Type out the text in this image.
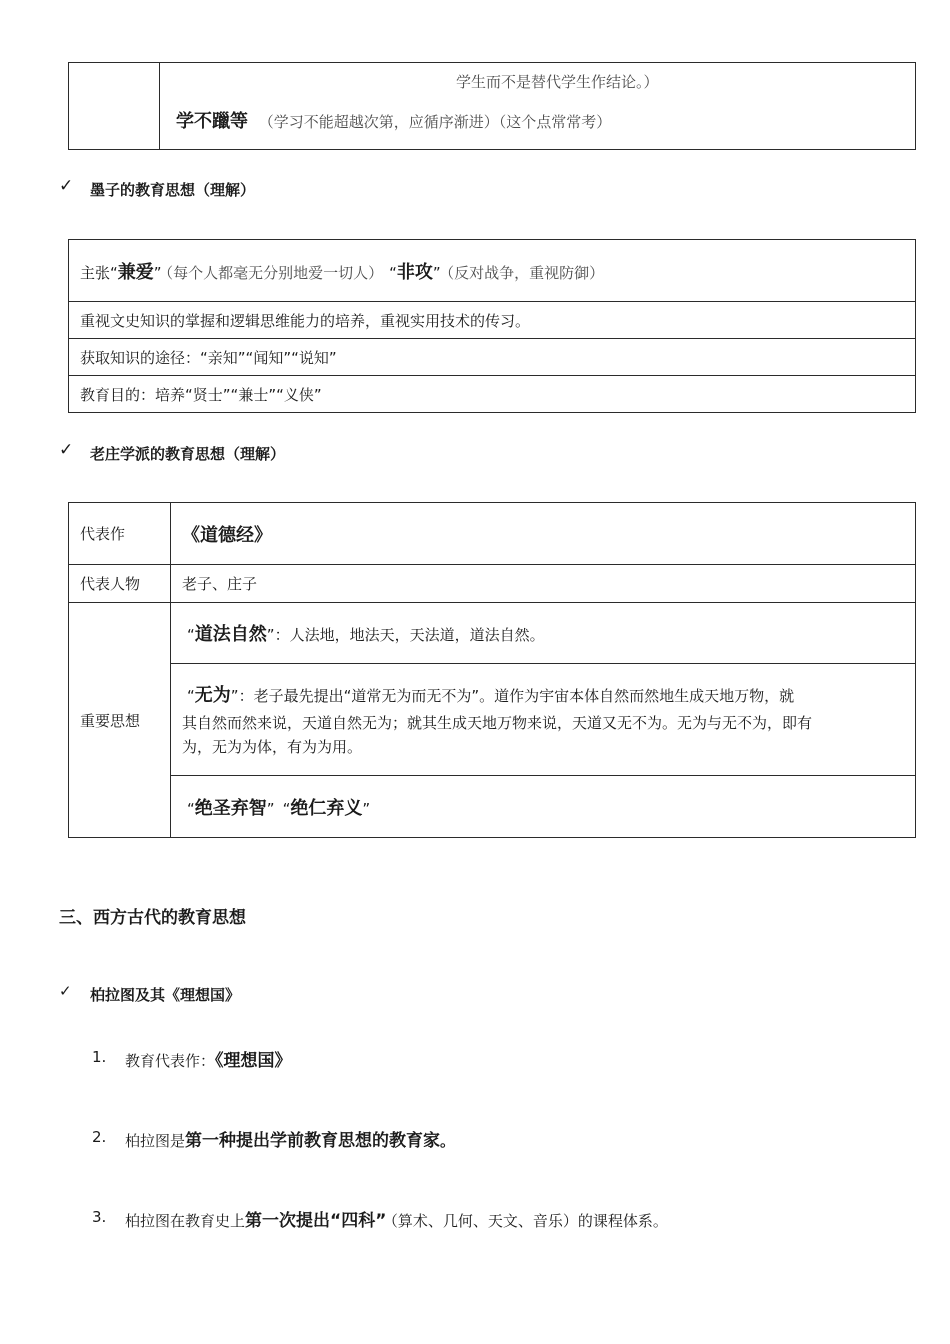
学生而不是替代学生作结论。）
学不躐等 （学习不能超越次第，应循序渐进）（这个点常常考）
✓ 墨子的教育思想（理解）
主张“兼爱” （每个人都毫无分别地爱一切人） “非攻” （反对战争，重视防御）
重视文史知识的掌握和逻辑思维能力的培养，重视实用技术的传习。
获取知识的途径：“亲知”“闻知”“说知”
教育目的：培养“贤士”“兼士”“义侠”
✓ 老庄学派的教育思想（理解）
代表作	《道德经》
代表人物	老子、庄子
重要思想	“道法自然”：人法地，地法天，天法道，道法自然。

	“无为”：老子最先提出“道常无为而无不为”。道作为宇宙本体自然而然地生成天地万物，就
其自然而然来说，天道自然无为；就其生成天地万物来说，天道又无不为。无为与无不为，即有
为，无为为体，有为为用。

	“绝圣弃智” “绝仁弃义”
三、西方古代的教育思想
✓ 柏拉图及其《理想国》
1. 教育代表作：《理想国》
2. 柏拉图是第一种提出学前教育思想的教育家。
3. 柏拉图在教育史上第一次提出“四科” （算术、几何、天文、音乐）的课程体系。
